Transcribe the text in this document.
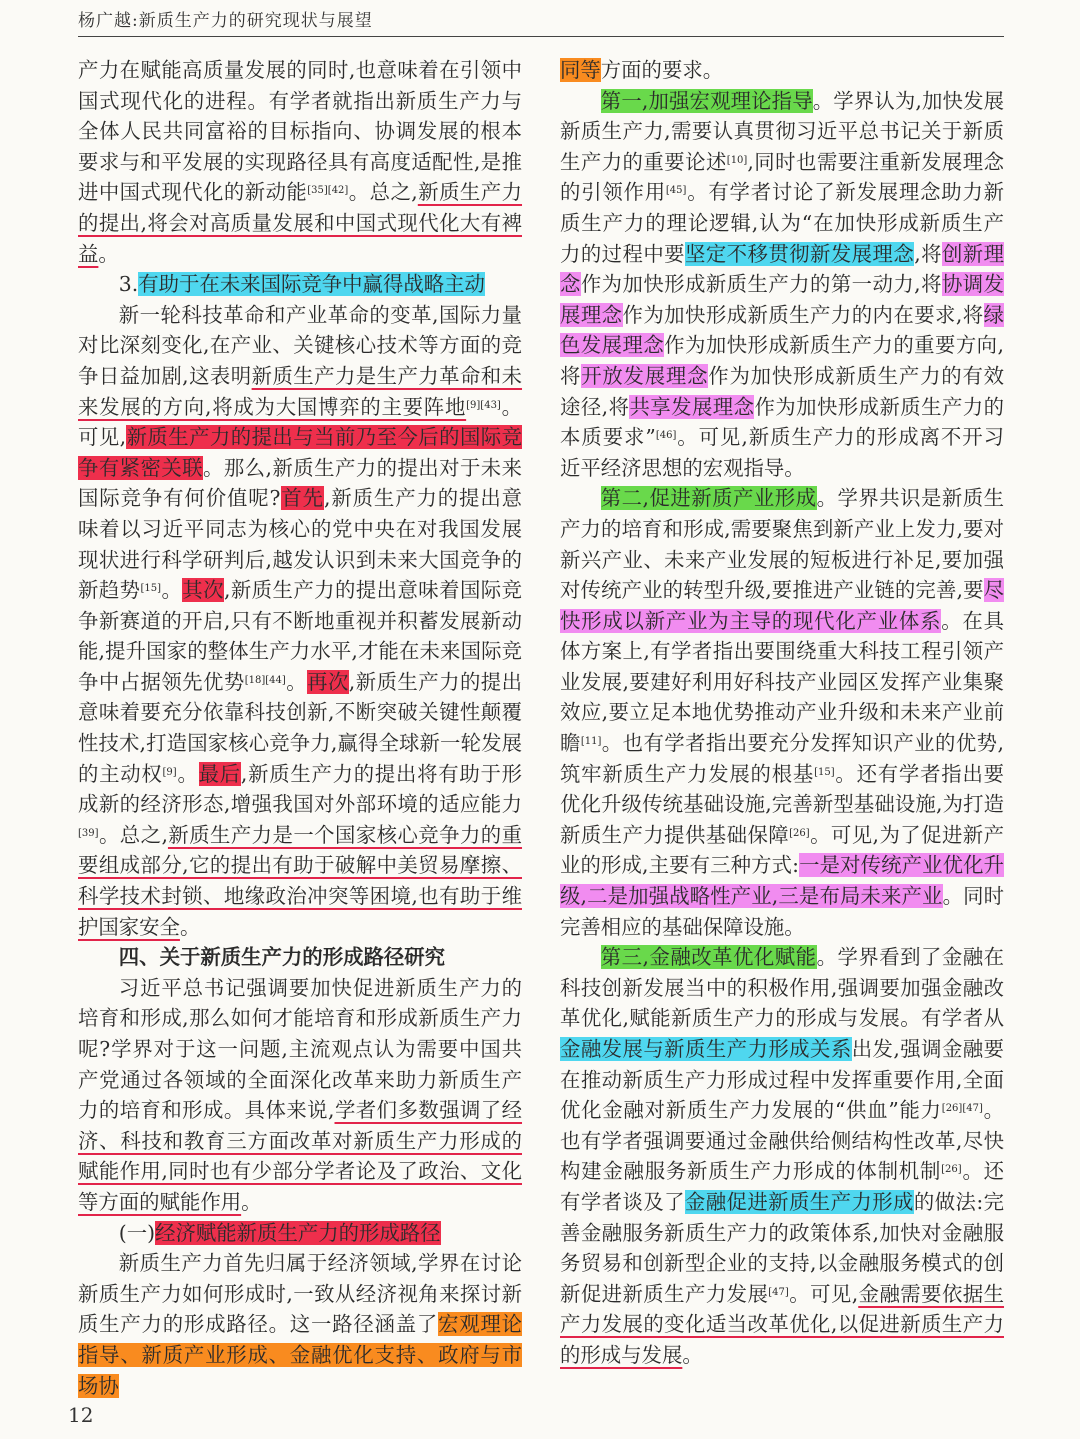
杨广越:新质生产力的研究现状与展望

产力在赋能高质量发展的同时,也意味着在引领中国式现代化的进程。有学者就指出新质生产力与全体人民共同富裕的目标指向、协调发展的根本要求与和平发展的实现路径具有高度适配性,是推进中国式现代化的新动能[35][42]。总之,新质生产力的提出,将会对高质量发展和中国式现代化大有裨益。

3.有助于在未来国际竞争中赢得战略主动

新一轮科技革命和产业革命的变革,国际力量对比深刻变化,在产业、关键核心技术等方面的竞争日益加剧,这表明新质生产力是生产力革命和未来发展的方向,将成为大国博弈的主要阵地[9][43]。可见,新质生产力的提出与当前乃至今后的国际竞争有紧密关联。那么,新质生产力的提出对于未来国际竞争有何价值呢?首先,新质生产力的提出意味着以习近平同志为核心的党中央在对我国发展现状进行科学研判后,越发认识到未来大国竞争的新趋势[15]。其次,新质生产力的提出意味着国际竞争新赛道的开启,只有不断地重视并积蓄发展新动能,提升国家的整体生产力水平,才能在未来国际竞争中占据领先优势[18][44]。再次,新质生产力的提出意味着要充分依靠科技创新,不断突破关键性颠覆性技术,打造国家核心竞争力,赢得全球新一轮发展的主动权[9]。最后,新质生产力的提出将有助于形成新的经济形态,增强我国对外部环境的适应能力[39]。总之,新质生产力是一个国家核心竞争力的重要组成部分,它的提出有助于破解中美贸易摩擦、科学技术封锁、地缘政治冲突等困境,也有助于维护国家安全。

四、关于新质生产力的形成路径研究

习近平总书记强调要加快促进新质生产力的培育和形成,那么如何才能培育和形成新质生产力呢?学界对于这一问题,主流观点认为需要中国共产党通过各领域的全面深化改革来助力新质生产力的培育和形成。具体来说,学者们多数强调了经济、科技和教育三方面改革对新质生产力形成的赋能作用,同时也有少部分学者论及了政治、文化等方面的赋能作用。

(一)经济赋能新质生产力的形成路径

新质生产力首先归属于经济领域,学界在讨论新质生产力如何形成时,一致从经济视角来探讨新质生产力的形成路径。这一路径涵盖了宏观理论指导、新质产业形成、金融优化支持、政府与市场协

同等方面的要求。

第一,加强宏观理论指导。学界认为,加快发展新质生产力,需要认真贯彻习近平总书记关于新质生产力的重要论述[10],同时也需要注重新发展理念的引领作用[45]。有学者讨论了新发展理念助力新质生产力的理论逻辑,认为“在加快形成新质生产力的过程中要坚定不移贯彻新发展理念,将创新理念作为加快形成新质生产力的第一动力,将协调发展理念作为加快形成新质生产力的内在要求,将绿色发展理念作为加快形成新质生产力的重要方向,将开放发展理念作为加快形成新质生产力的有效途径,将共享发展理念作为加快形成新质生产力的本质要求”[46]。可见,新质生产力的形成离不开习近平经济思想的宏观指导。

第二,促进新质产业形成。学界共识是新质生产力的培育和形成,需要聚焦到新产业上发力,要对新兴产业、未来产业发展的短板进行补足,要加强对传统产业的转型升级,要推进产业链的完善,要尽快形成以新产业为主导的现代化产业体系。在具体方案上,有学者指出要围绕重大科技工程引领产业发展,要建好利用好科技产业园区发挥产业集聚效应,要立足本地优势推动产业升级和未来产业前瞻[11]。也有学者指出要充分发挥知识产业的优势,筑牢新质生产力发展的根基[15]。还有学者指出要优化升级传统基础设施,完善新型基础设施,为打造新质生产力提供基础保障[26]。可见,为了促进新产业的形成,主要有三种方式:一是对传统产业优化升级,二是加强战略性产业,三是布局未来产业。同时完善相应的基础保障设施。

第三,金融改革优化赋能。学界看到了金融在科技创新发展当中的积极作用,强调要加强金融改革优化,赋能新质生产力的形成与发展。有学者从金融发展与新质生产力形成关系出发,强调金融要在推动新质生产力形成过程中发挥重要作用,全面优化金融对新质生产力发展的“供血”能力[26][47]。也有学者强调要通过金融供给侧结构性改革,尽快构建金融服务新质生产力形成的体制机制[26]。还有学者谈及了金融促进新质生产力形成的做法:完善金融服务新质生产力的政策体系,加快对金融服务贸易和创新型企业的支持,以金融服务模式的创新促进新质生产力发展[47]。可见,金融需要依据生产力发展的变化适当改革优化,以促进新质生产力的形成与发展。

12
